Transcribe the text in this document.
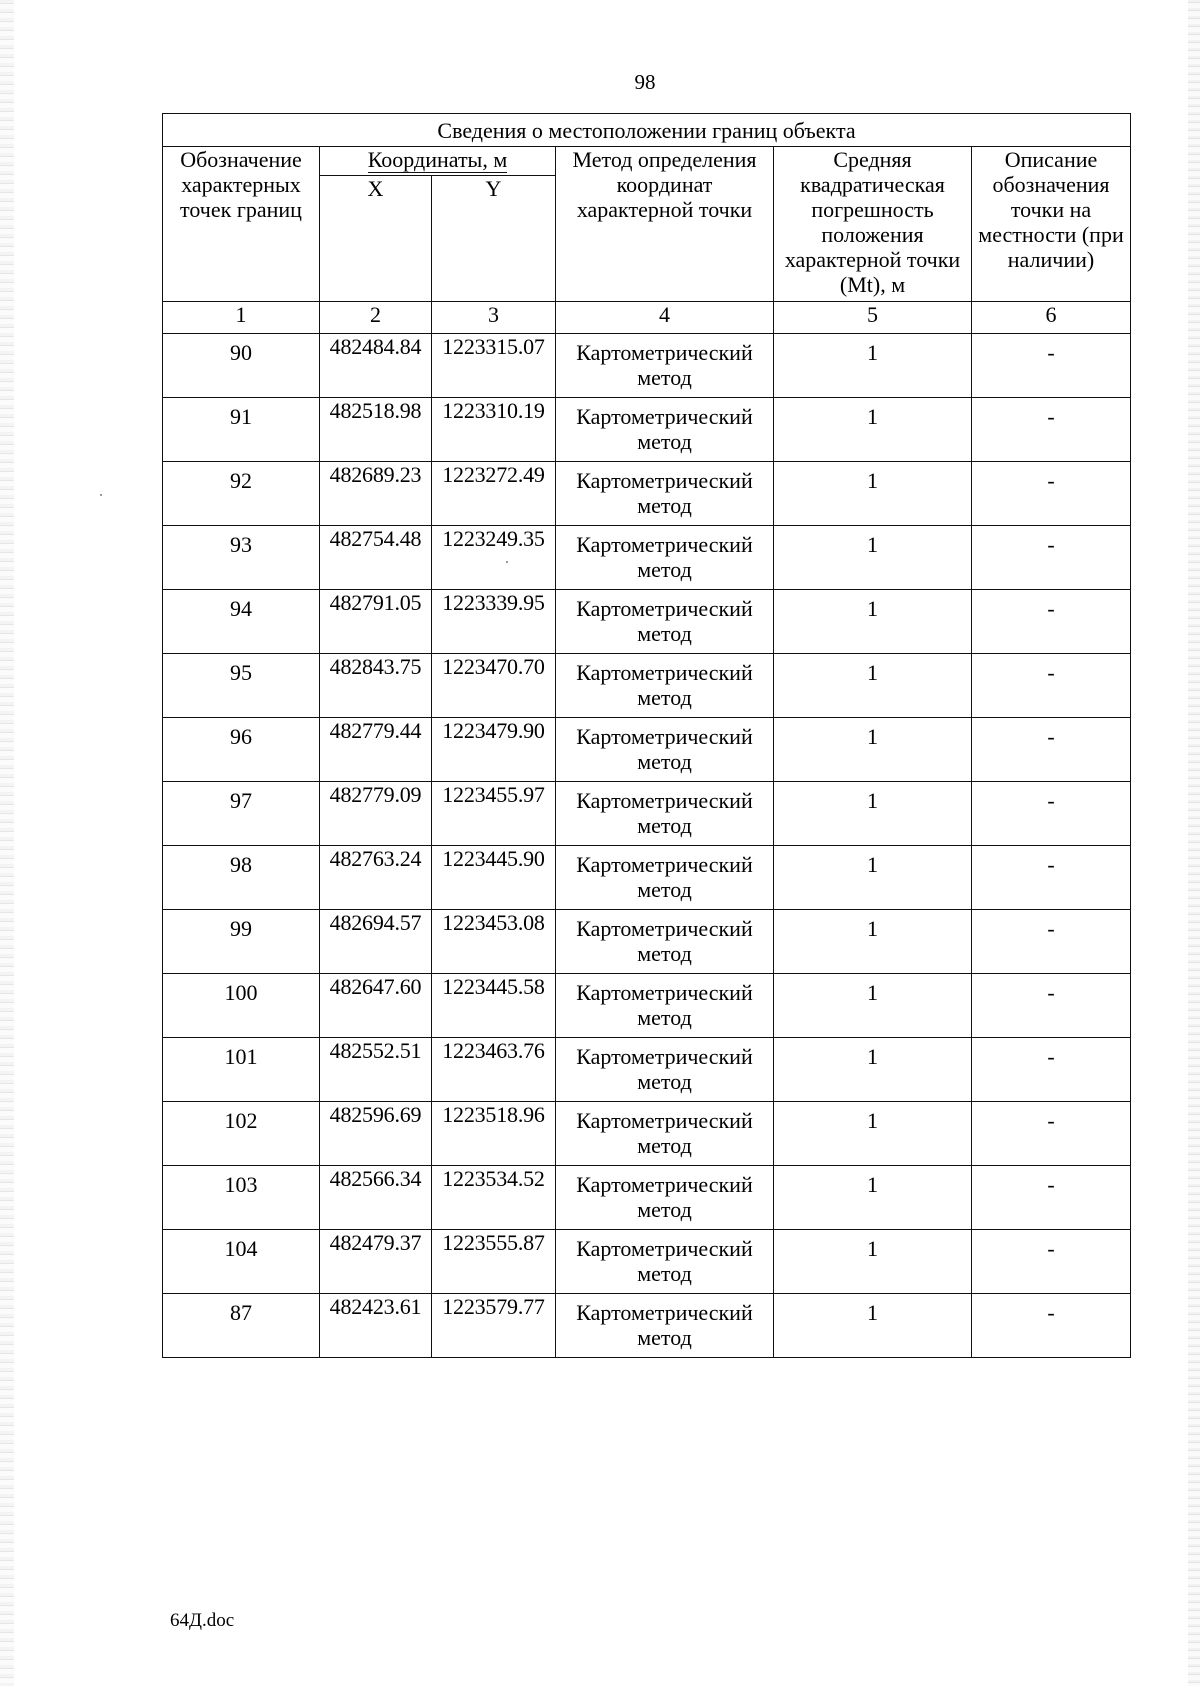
98
Сведения о местоположении границ объекта					
Обозначение характерных точек границ	Координаты, м		Метод определения координат характерной точки	Средняя квадратическая погрешность положения характерной точки (Mt), м	Описание обозначения точки на местности (при наличии)
	X	Y			
1	2	3	4	5	6
90	482484.84	1223315.07	Картометрический метод	1	-
91	482518.98	1223310.19	Картометрический метод	1	-
92	482689.23	1223272.49	Картометрический метод	1	-
93	482754.48	1223249.35	Картометрический метод	1	-
94	482791.05	1223339.95	Картометрический метод	1	-
95	482843.75	1223470.70	Картометрический метод	1	-
96	482779.44	1223479.90	Картометрический метод	1	-
97	482779.09	1223455.97	Картометрический метод	1	-
98	482763.24	1223445.90	Картометрический метод	1	-
99	482694.57	1223453.08	Картометрический метод	1	-
100	482647.60	1223445.58	Картометрический метод	1	-
101	482552.51	1223463.76	Картометрический метод	1	-
102	482596.69	1223518.96	Картометрический метод	1	-
103	482566.34	1223534.52	Картометрический метод	1	-
104	482479.37	1223555.87	Картометрический метод	1	-
87	482423.61	1223579.77	Картометрический метод	1	-
64Д.doc
